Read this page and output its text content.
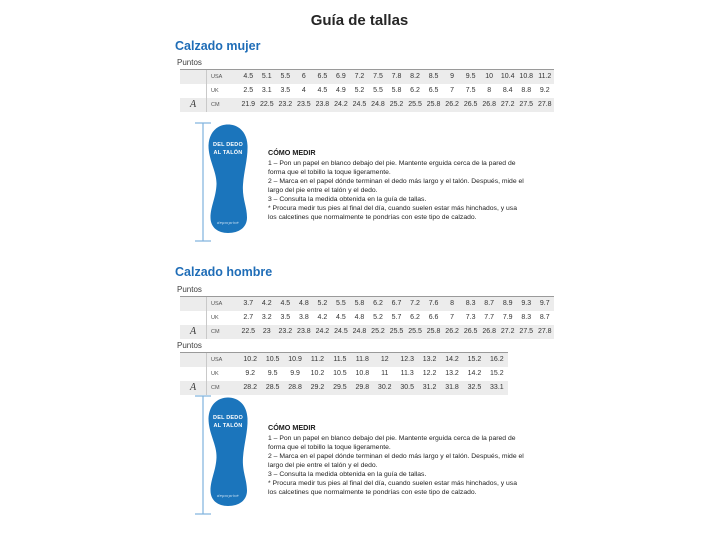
Guía de tallas
Calzado mujer
Puntos
USA	4.5	5.1	5.5	6	6.5	6.9	7.2	7.5	7.8	8.2	8.5	9	9.5	10	10.4 10.8 11.2
UK	2.5	3.1	3.5	4	4.5	4.9	5.2	5.5	5.8	6.2	6.5	7	7.5	8	8.4	8.8	9.2
A	CM	21.9 22.5 23.2 23.5 23.8 24.2 24.5 24.8 25.2 25.5 25.8 26.2 26.5 26.8 27.2 27.5 27.8
DEL DEDO
AL TALÓN
deporprivé
CÓMO MEDIR
1 – Pon un papel en blanco debajo del pie. Mantente erguida cerca de la pared de forma que el tobillo la toque ligeramente.
2 – Marca en el papel dónde terminan el dedo más largo y el talón. Después, mide el largo del pie entre el talón y el dedo.
3 – Consulta la medida obtenida en la guía de tallas.
* Procura medir tus pies al final del día, cuando suelen estar más hinchados, y usa los calcetines que normalmente te pondrías con este tipo de calzado.
Calzado hombre
Puntos
USA	3.7	4.2	4.5	4.8	5.2	5.5	5.8	6.2	6.7	7.2	7.6	8	8.3	8.7	8.9	9.3	9.7
UK	2.7	3.2	3.5	3.8	4.2	4.5	4.8	5.2	5.7	6.2	6.6	7	7.3	7.7	7.9	8.3	8.7
A	CM	22.5	23	23.2 23.8 24.2 24.5 24.8 25.2 25.5 25.5 25.8 26.2 26.5 26.8 27.2 27.5 27.8
Puntos
USA	10.2	10.5	10.9	11.2	11.5	11.8	12	12.3	13.2	14.2	15.2	16.2
UK	9.2	9.5	9.9	10.2	10.5	10.8	11	11.3	12.2	13.2	14.2	15.2
A	CM	28.2	28.5	28.8	29.2	29.5	29.8	30.2	30.5	31.2	31.8	32.5	33.1
DEL DEDO
AL TALÓN
deporprivé
CÓMO MEDIR
1 – Pon un papel en blanco debajo del pie. Mantente erguida cerca de la pared de forma que el tobillo la toque ligeramente.
2 – Marca en el papel dónde terminan el dedo más largo y el talón. Después, mide el largo del pie entre el talón y el dedo.
3 – Consulta la medida obtenida en la guía de tallas.
* Procura medir tus pies al final del día, cuando suelen estar más hinchados, y usa los calcetines que normalmente te pondrías con este tipo de calzado.
